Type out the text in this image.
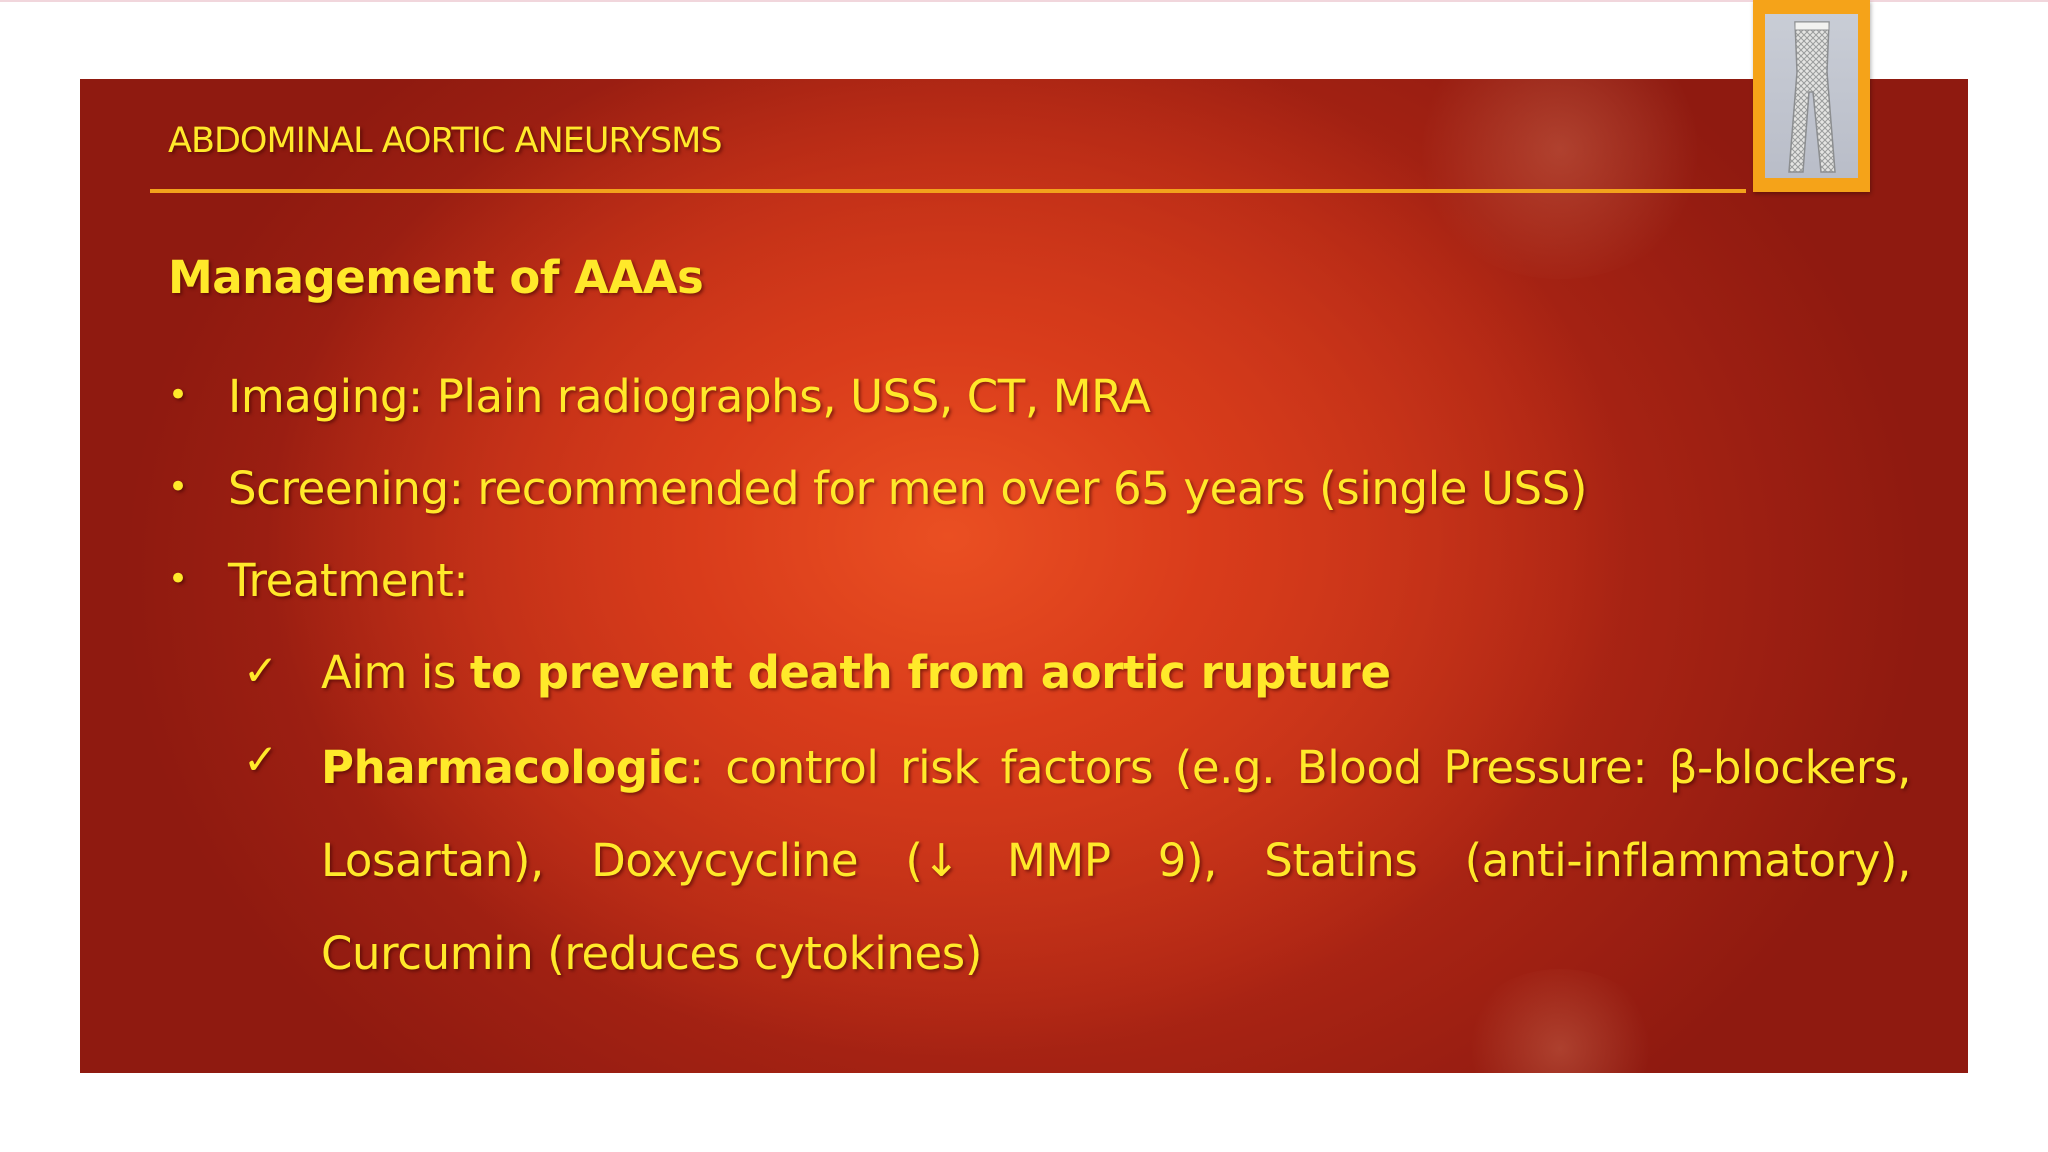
ABDOMINAL AORTIC ANEURYSMS
Management of AAAs
• Imaging: Plain radiographs, USS, CT, MRA
• Screening: recommended for men over 65 years (single USS)
• Treatment:
✓ Aim is to prevent death from aortic rupture
✓ Pharmacologic: control risk factors (e.g. Blood Pressure: β-blockers, Losartan), Doxycycline (↓ MMP 9), Statins (anti-inflammatory), Curcumin (reduces cytokines)
